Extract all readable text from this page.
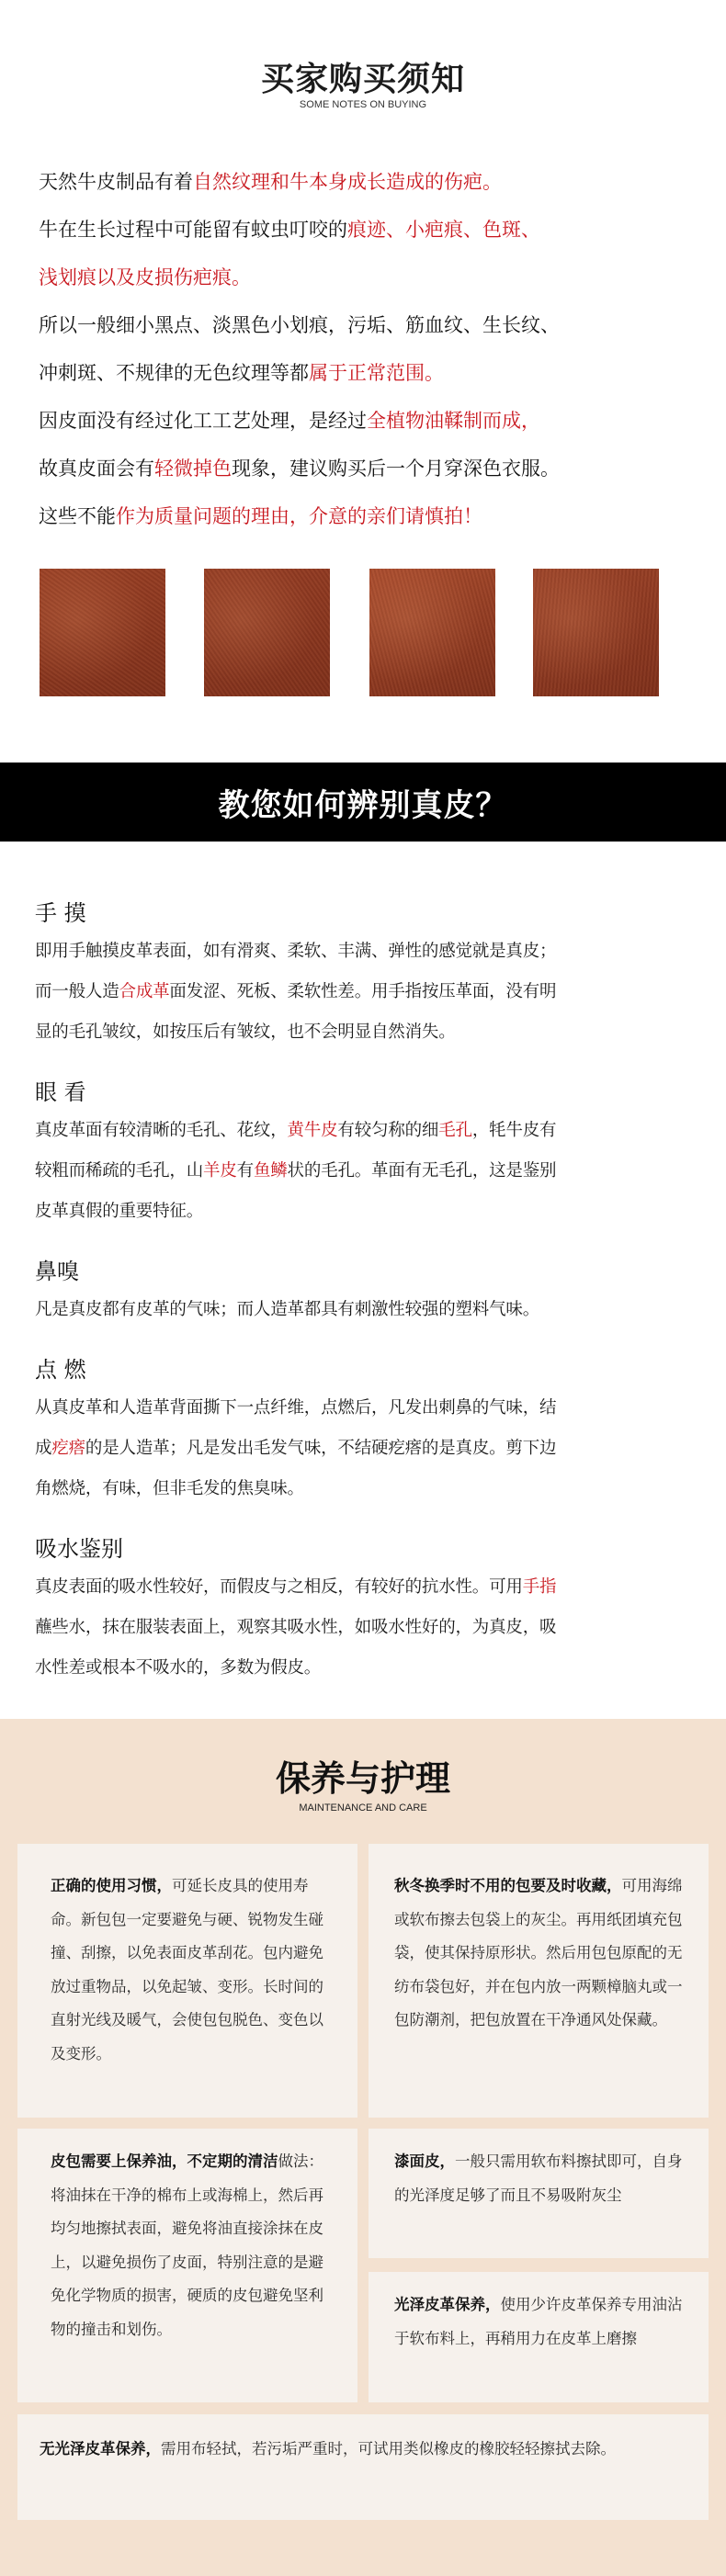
买家购买须知
SOME NOTES ON BUYING

天然牛皮制品有着自然纹理和牛本身成长造成的伤疤。

牛在生长过程中可能留有蚊虫叮咬的痕迹、小疤痕、色斑、

浅划痕以及皮损伤疤痕。

所以一般细小黑点、淡黑色小划痕，污垢、筋血纹、生长纹、

冲刺斑、不规律的无色纹理等都属于正常范围。

因皮面没有经过化工工艺处理，是经过全植物油鞣制而成，

故真皮面会有轻微掉色现象，建议购买后一个月穿深色衣服。

这些不能作为质量问题的理由，介意的亲们请慎拍！

教您如何辨别真皮？
手 摸

即用手触摸皮革表面，如有滑爽、柔软、丰满、弹性的感觉就是真皮；

而一般人造合成革面发涩、死板、柔软性差。用手指按压革面，没有明

显的毛孔皱纹，如按压后有皱纹，也不会明显自然消失。

眼 看

真皮革面有较清晰的毛孔、花纹，黄牛皮有较匀称的细毛孔，牦牛皮有

较粗而稀疏的毛孔，山羊皮有鱼鳞状的毛孔。革面有无毛孔，这是鉴别

皮革真假的重要特征。

鼻嗅

凡是真皮都有皮革的气味；而人造革都具有刺激性较强的塑料气味。

点 燃

从真皮革和人造革背面撕下一点纤维，点燃后，凡发出刺鼻的气味，结

成疙瘩的是人造革；凡是发出毛发气味，不结硬疙瘩的是真皮。剪下边

角燃烧，有味，但非毛发的焦臭味。

吸水鉴别

真皮表面的吸水性较好，而假皮与之相反，有较好的抗水性。可用手指

蘸些水，抹在服装表面上，观察其吸水性，如吸水性好的，为真皮，吸

水性差或根本不吸水的，多数为假皮。

保养与护理
MAINTENANCE AND CARE

正确的使用习惯，可延长皮具的使用寿命。新包包一定要避免与硬、锐物发生碰撞、刮擦，以免表面皮革刮花。包内避免放过重物品，以免起皱、变形。长时间的直射光线及暖气，会使包包脱色、变色以及变形。

秋冬换季时不用的包要及时收藏，可用海绵或软布擦去包袋上的灰尘。再用纸团填充包袋，使其保持原形状。然后用包包原配的无纺布袋包好，并在包内放一两颗樟脑丸或一包防潮剂，把包放置在干净通风处保藏。

皮包需要上保养油，不定期的清洁做法：将油抹在干净的棉布上或海棉上，然后再均匀地擦拭表面，避免将油直接涂抹在皮上，以避免损伤了皮面，特别注意的是避免化学物质的损害，硬质的皮包避免坚利物的撞击和划伤。

漆面皮，一般只需用软布料擦拭即可，自身的光泽度足够了而且不易吸附灰尘

光泽皮革保养，使用少许皮革保养专用油沾于软布料上，再稍用力在皮革上磨擦

无光泽皮革保养，需用布轻拭，若污垢严重时，可试用类似橡皮的橡胶轻轻擦拭去除。
